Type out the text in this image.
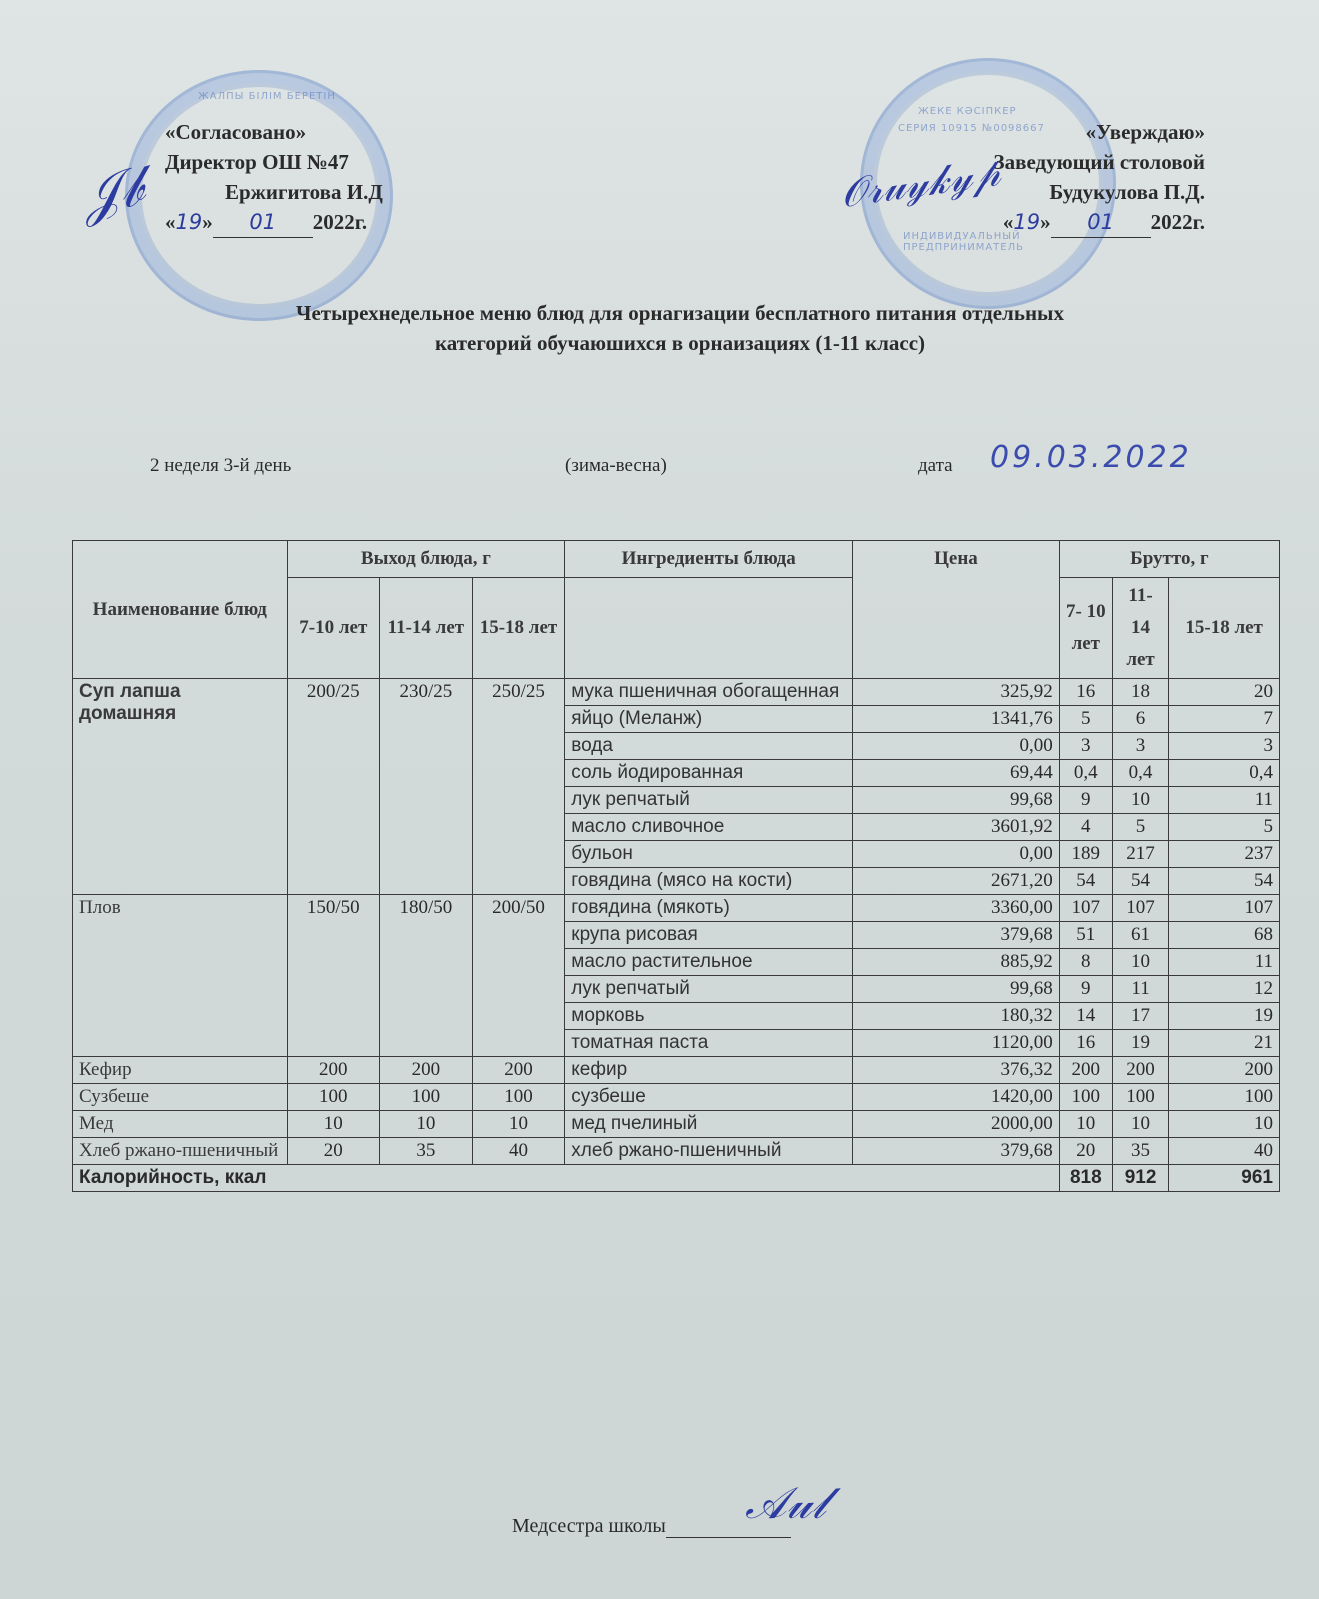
ЖАЛПЫ БІЛІМ БЕРЕТІН
ЖЕКЕ КӘСІПКЕР
СЕРИЯ 10915 №0098667
ИНДИВИДУАЛЬНЫЙ ПРЕДПРИНИМАТЕЛЬ
«Согласовано»
Директор ОШ №47
Ержигитова И.Д
«19» 01 2022г.
𝒥𝒷
«Уверждаю»
Заведующий столовой
Будукулова П.Д.
«19» 01 2022г.
𝒪𝓇𝓊𝓎𝓀𝓎𝓅
Четырехнедельное меню блюд для орнагизации бесплатного питания отдельных
категорий обучаюшихся в орнаизациях (1-11 класс)
2 неделя 3-й день	(зима-весна)	дата 09.03.2022
Наименование блюд	Выход блюда, г			Ингредиенты блюда	Цена	Брутто, г		
	7-10 лет	11-14 лет	15-18 лет			7- 10 лет	11- 14 лет	15-18 лет
Суп лапша домашняя	200/25	230/25	250/25	мука пшеничная обогащенная	325,92	16	18	20
				яйцо (Меланж)	1341,76	5	6	7
				вода	0,00	3	3	3
				соль йодированная	69,44	0,4	0,4	0,4
				лук репчатый	99,68	9	10	11
				масло сливочное	3601,92	4	5	5
				бульон	0,00	189	217	237
				говядина (мясо на кости)	2671,20	54	54	54
Плов	150/50	180/50	200/50	говядина (мякоть)	3360,00	107	107	107
				крупа рисовая	379,68	51	61	68
				масло растительное	885,92	8	10	11
				лук репчатый	99,68	9	11	12
				морковь	180,32	14	17	19
				томатная паста	1120,00	16	19	21
Кефир	200	200	200	кефир	376,32	200	200	200
Сузбеше	100	100	100	сузбеше	1420,00	100	100	100
Мед	10	10	10	мед пчелиный	2000,00	10	10	10
Хлеб ржано-пшеничный	20	35	40	хлеб ржано-пшеничный	379,68	20	35	40
Калорийность, ккал						818	912	961
Медсестра школы	𝒜𝓊𝓁
